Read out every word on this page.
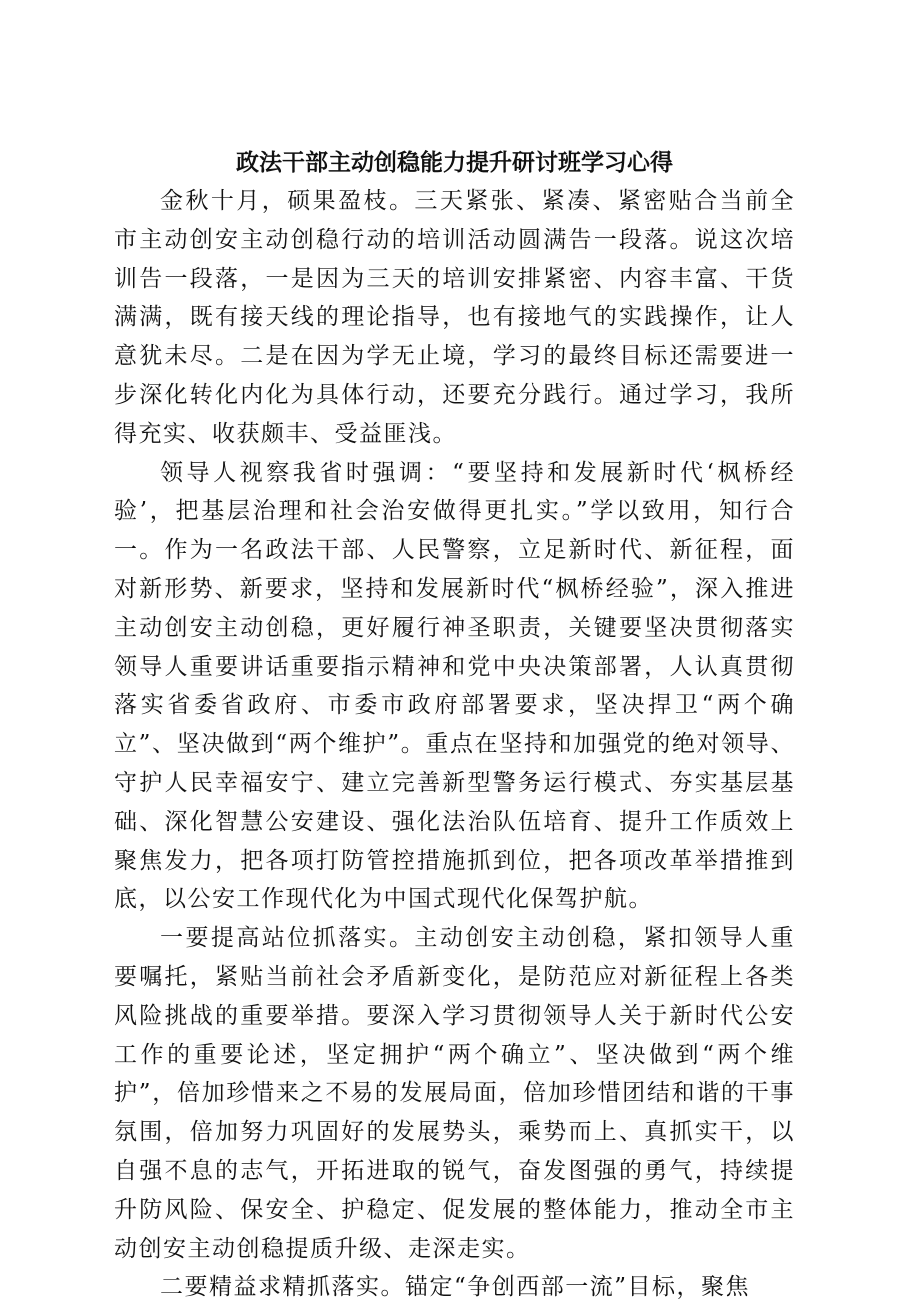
政法干部主动创稳能力提升研讨班学习心得

金秋十月，硕果盈枝。三天紧张、紧凑、紧密贴合当前全市主动创安主动创稳行动的培训活动圆满告一段落。说这次培训告一段落，一是因为三天的培训安排紧密、内容丰富、干货满满，既有接天线的理论指导，也有接地气的实践操作，让人意犹未尽。二是在因为学无止境，学习的最终目标还需要进一步深化转化内化为具体行动，还要充分践行。通过学习，我所得充实、收获颇丰、受益匪浅。

领导人视察我省时强调：“要坚持和发展新时代‘枫桥经验’，把基层治理和社会治安做得更扎实。”学以致用，知行合一。作为一名政法干部、人民警察，立足新时代、新征程，面对新形势、新要求，坚持和发展新时代“枫桥经验”，深入推进主动创安主动创稳，更好履行神圣职责，关键要坚决贯彻落实领导人重要讲话重要指示精神和党中央决策部署，人认真贯彻落实省委省政府、市委市政府部署要求，坚决捍卫“两个确立”、坚决做到“两个维护”。重点在坚持和加强党的绝对领导、守护人民幸福安宁、建立完善新型警务运行模式、夯实基层基础、深化智慧公安建设、强化法治队伍培育、提升工作质效上聚焦发力，把各项打防管控措施抓到位，把各项改革举措推到底，以公安工作现代化为中国式现代化保驾护航。

一要提高站位抓落实。主动创安主动创稳，紧扣领导人重要嘱托，紧贴当前社会矛盾新变化，是防范应对新征程上各类风险挑战的重要举措。要深入学习贯彻领导人关于新时代公安工作的重要论述，坚定拥护“两个确立”、坚决做到“两个维护”，倍加珍惜来之不易的发展局面，倍加珍惜团结和谐的干事氛围，倍加努力巩固好的发展势头，乘势而上、真抓实干，以自强不息的志气，开拓进取的锐气，奋发图强的勇气，持续提升防风险、保安全、护稳定、促发展的整体能力，推动全市主动创安主动创稳提质升级、走深走实。

二要精益求精抓落实。锚定“争创西部一流”目标，聚焦
